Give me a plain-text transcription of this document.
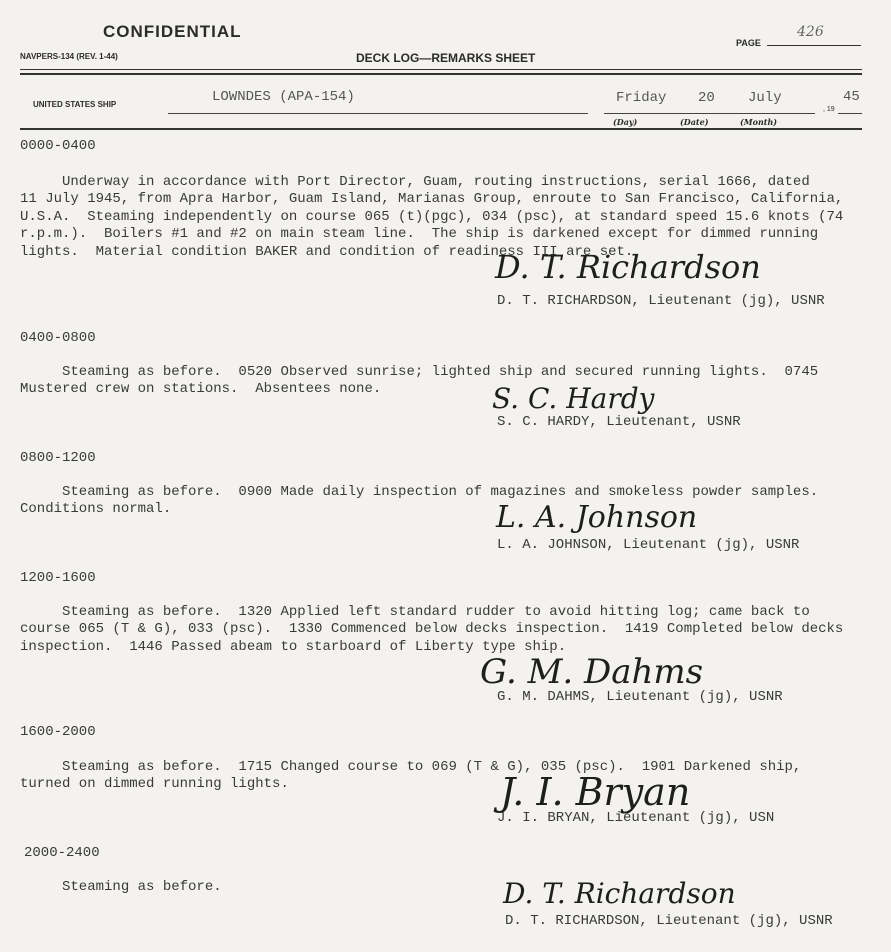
CONFIDENTIAL
NAVPERS-134 (REV. 1-44)	DECK LOG—REMARKS SHEET
PAGE
426
UNITED STATES SHIP	LOWNDES (APA-154)	Friday 20 July
, 19
45
(Day)	(Date)	(Month)
0000-0400

Underway in accordance with Port Director, Guam, routing instructions, serial 1666, dated
11 July 1945, from Apra Harbor, Guam Island, Marianas Group, enroute to San Francisco, California,
U.S.A.  Steaming independently on course 065 (t)(pgc), 034 (psc), at standard speed 15.6 knots (74
r.p.m.).  Boilers #1 and #2 on main steam line.  The ship is darkened except for dimmed running
lights.  Material condition BAKER and condition of readiness III are set.

D. T. Richardson
D. T. RICHARDSON, Lieutenant (jg), USNR
0400-0800

Steaming as before.  0520 Observed sunrise; lighted ship and secured running lights.  0745
Mustered crew on stations.  Absentees none.	S. C. Hardy
S. C. HARDY, Lieutenant, USNR
0800-1200

Steaming as before.  0900 Made daily inspection of magazines and smokeless powder samples.
Conditions normal.	L. A. Johnson
L. A. JOHNSON, Lieutenant (jg), USNR
1200-1600

Steaming as before.  1320 Applied left standard rudder to avoid hitting log; came back to
course 065 (T & G), 033 (psc).  1330 Commenced below decks inspection.  1419 Completed below decks
inspection.  1446 Passed abeam to starboard of Liberty type ship.

G. M. Dahms
G. M. DAHMS, Lieutenant (jg), USNR
1600-2000

Steaming as before.  1715 Changed course to 069 (T & G), 035 (psc).  1901 Darkened ship,
turned on dimmed running lights.	J. I. Bryan
J. I. BRYAN, Lieutenant (jg), USN
2000-2400

Steaming as before.	D. T. Richardson
D. T. RICHARDSON, Lieutenant (jg), USNR
